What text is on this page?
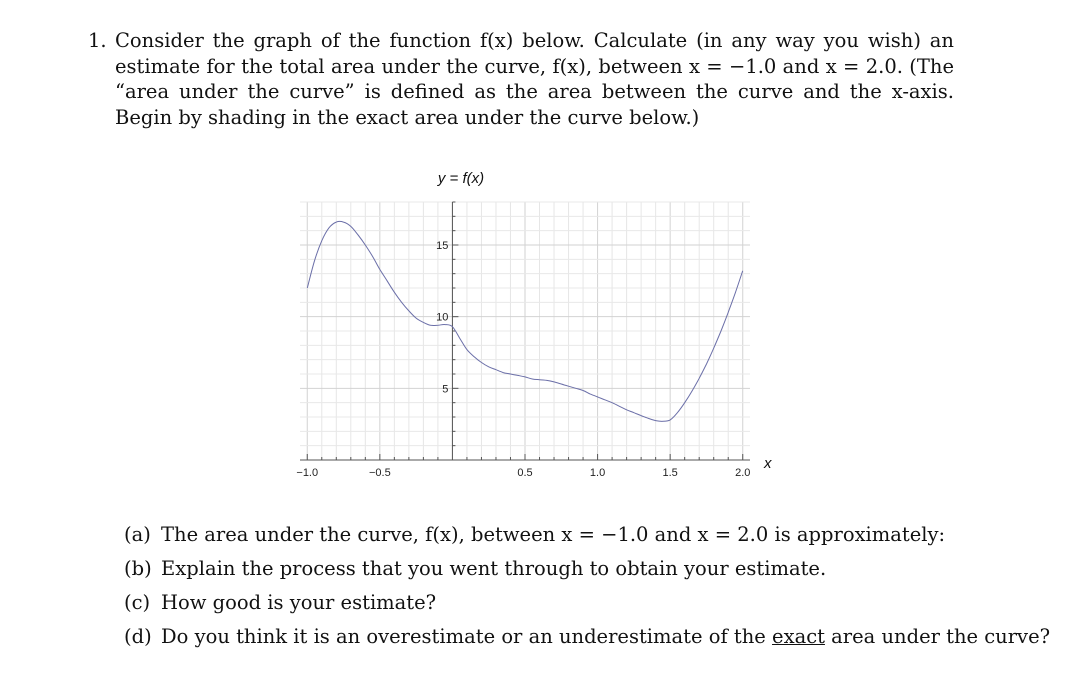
1. Consider the graph of the function f(x) below. Calculate (in any way you wish) an estimate for the total area under the curve, f(x), between x = −1.0 and x = 2.0. (The “area under the curve” is defined as the area between the curve and the x-axis. Begin by shading in the exact area under the curve below.)
−1.0	−0.5	0.5	1.0	1.5	2.0
5
10
15
y = f(x)
x
(a) The area under the curve, f(x), between x = −1.0 and x = 2.0 is approximately:
(b) Explain the process that you went through to obtain your estimate.
(c) How good is your estimate?
(d) Do you think it is an overestimate or an underestimate of the exact area under the curve?
